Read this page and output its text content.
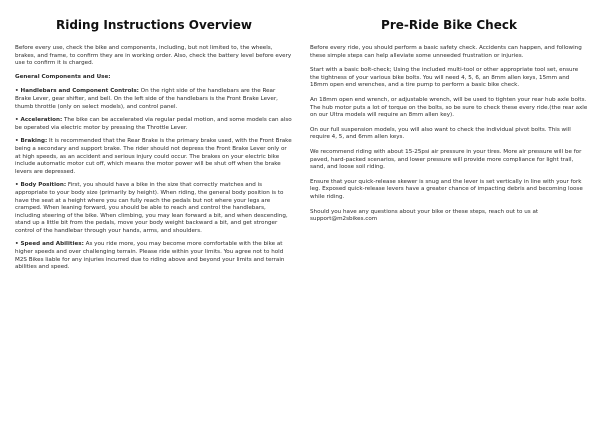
Riding Instructions Overview

Before every use, check the bike and components, including, but not limited to, the wheels, brakes, and frame, to confirm they are in working order. Also, check the battery level before every use to confirm it is charged.

General Components and Use:

• Handlebars and Component Controls: On the right side of the handlebars are the Rear Brake Lever, gear shifter, and bell. On the left side of the handlebars is the Front Brake Lever, thumb throttle (only on select models), and control panel.

• Acceleration: The bike can be accelerated via regular pedal motion, and some models can also be operated via electric motor by pressing the Throttle Lever.

• Braking: It is recommended that the Rear Brake is the primary brake used, with the Front Brake being a secondary and support brake. The rider should not depress the Front Brake Lever only or at high speeds, as an accident and serious injury could occur. The brakes on your electric bike include automatic motor cut off, which means the motor power will be shut off when the brake levers are depressed.

• Body Position: First, you should have a bike in the size that correctly matches and is appropriate to your body size (primarily by height). When riding, the general body position is to have the seat at a height where you can fully reach the pedals but not where your legs are cramped. When leaning forward, you should be able to reach and control the handlebars, including steering of the bike. When climbing, you may lean forward a bit, and when descending, stand up a little bit from the pedals, move your body weight backward a bit, and get stronger control of the handlebar through your hands, arms, and shoulders.

• Speed and Abilities: As you ride more, you may become more comfortable with the bike at higher speeds and over challenging terrain. Please ride within your limits. You agree not to hold M2S Bikes liable for any injuries incurred due to riding above and beyond your limits and terrain abilities and speed.

Pre-Ride Bike Check

Before every ride, you should perform a basic safety check. Accidents can happen, and following these simple steps can help alleviate some unneeded frustration or injuries.

Start with a basic bolt-check; Using the included multi-tool or other appropriate tool set, ensure the tightness of your various bike bolts. You will need 4, 5, 6, an 8mm allen keys, 15mm and 18mm open end wrenches, and a tire pump to perform a basic bike check.

An 18mm open end wrench, or adjustable wrench, will be used to tighten your rear hub axle bolts. The hub motor puts a lot of torque on the bolts, so be sure to check these every ride.(the rear axle on our Ultra models will require an 8mm allen key).

On our full suspension models, you will also want to check the individual pivot bolts. This will require 4, 5, and 6mm allen keys.

We recommend riding with about 15-25psi air pressure in your tires. More air pressure will be for paved, hard-packed scenarios, and lower pressure will provide more compliance for light trail, sand, and loose soil riding.

Ensure that your quick-release skewer is snug and the lever is set vertically in line with your fork leg. Exposed quick-release levers have a greater chance of impacting debris and becoming loose while riding.

Should you have any questions about your bike or these steps, reach out to us at support@m2sbikes.com
